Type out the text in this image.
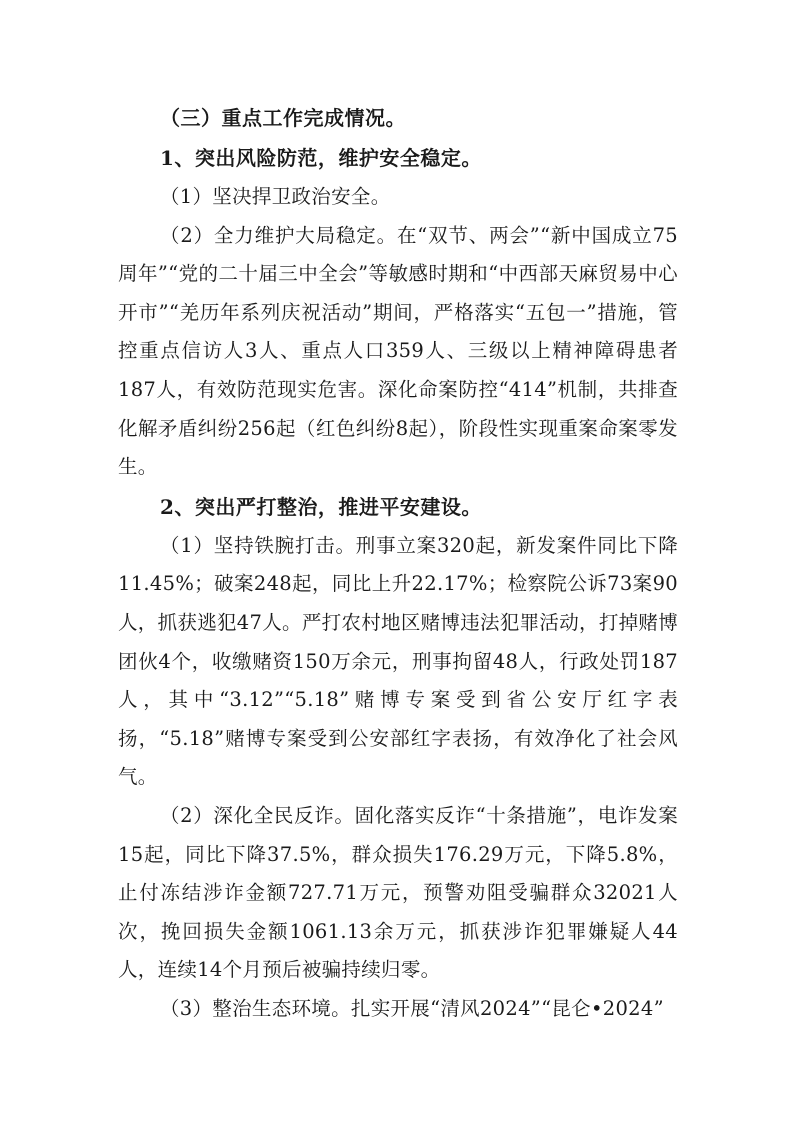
（三）重点工作完成情况。

1、突出风险防范，维护安全稳定。

（1）坚决捍卫政治安全。

（2）全力维护大局稳定。在“双节、两会”“新中国成立75周年”“党的二十届三中全会”等敏感时期和“中西部天麻贸易中心开市”“羌历年系列庆祝活动”期间，严格落实“五包一”措施，管控重点信访人3人、重点人口359人、三级以上精神障碍患者187人，有效防范现实危害。深化命案防控“414”机制，共排查化解矛盾纠纷256起（红色纠纷8起），阶段性实现重案命案零发生。

2、突出严打整治，推进平安建设。

（1）坚持铁腕打击。刑事立案320起，新发案件同比下降11.45%；破案248起，同比上升22.17%；检察院公诉73案90人，抓获逃犯47人。严打农村地区赌博违法犯罪活动，打掉赌博团伙4个，收缴赌资150万余元，刑事拘留48人，行政处罚187人，其中“3.12”“5.18”赌博专案受到省公安厅红字表扬，“5.18”赌博专案受到公安部红字表扬，有效净化了社会风气。

（2）深化全民反诈。固化落实反诈“十条措施”，电诈发案15起，同比下降37.5%，群众损失176.29万元，下降5.8%，止付冻结涉诈金额727.71万元，预警劝阻受骗群众32021人次，挽回损失金额1061.13余万元，抓获涉诈犯罪嫌疑人44人，连续14个月预后被骗持续归零。

（3）整治生态环境。扎实开展“清风2024”“昆仑•2024”
